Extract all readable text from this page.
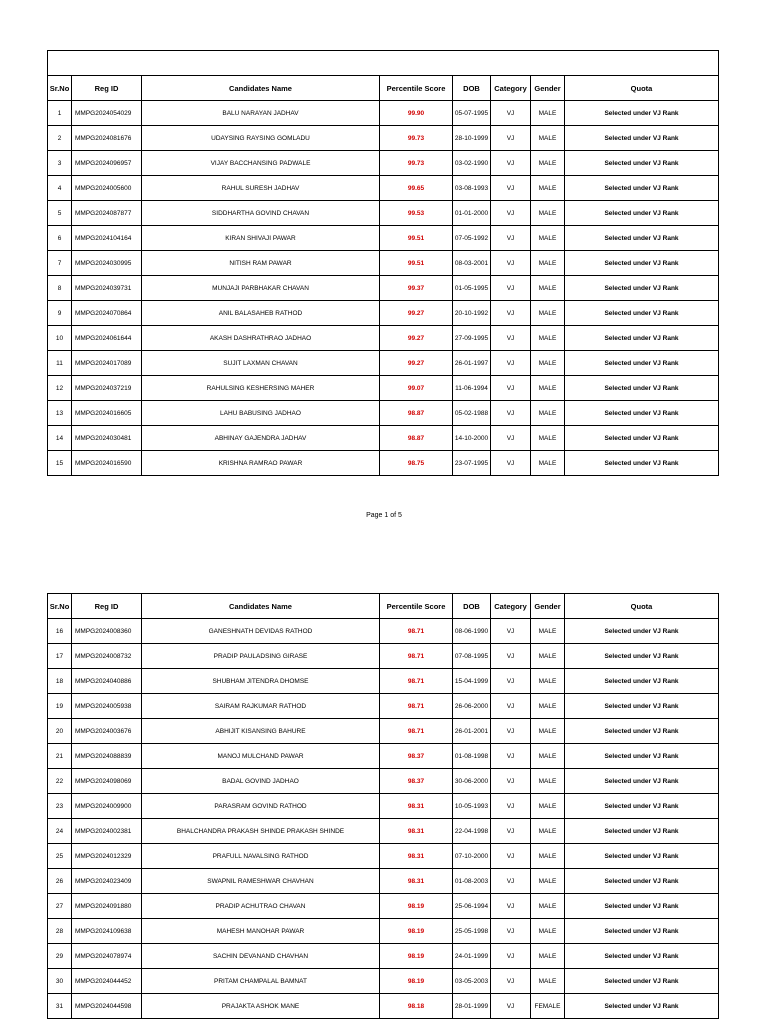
Sr.No	Reg ID	Candidates Name	Percentile Score	DOB	Category	Gender	Quota
1	MMPG2024054029	BALU NARAYAN JADHAV	99.90	05-07-1995	VJ	MALE	Selected under VJ Rank
2	MMPG2024081676	UDAYSING RAYSING GOMLADU	99.73	28-10-1999	VJ	MALE	Selected under VJ Rank
3	MMPG2024096957	VIJAY BACCHANSING PADWALE	99.73	03-02-1990	VJ	MALE	Selected under VJ Rank
4	MMPG2024005600	RAHUL SURESH JADHAV	99.65	03-08-1993	VJ	MALE	Selected under VJ Rank
5	MMPG2024087877	SIDDHARTHA GOVIND CHAVAN	99.53	01-01-2000	VJ	MALE	Selected under VJ Rank
6	MMPG2024104164	KIRAN SHIVAJI PAWAR	99.51	07-05-1992	VJ	MALE	Selected under VJ Rank
7	MMPG2024030995	NITISH RAM PAWAR	99.51	08-03-2001	VJ	MALE	Selected under VJ Rank
8	MMPG2024039731	MUNJAJI PARBHAKAR CHAVAN	99.37	01-05-1995	VJ	MALE	Selected under VJ Rank
9	MMPG2024070864	ANIL BALASAHEB RATHOD	99.27	20-10-1992	VJ	MALE	Selected under VJ Rank
10	MMPG2024061644	AKASH DASHRATHRAO JADHAO	99.27	27-09-1995	VJ	MALE	Selected under VJ Rank
11	MMPG2024017089	SUJIT LAXMAN CHAVAN	99.27	26-01-1997	VJ	MALE	Selected under VJ Rank
12	MMPG2024037219	RAHULSING KESHERSING MAHER	99.07	11-06-1994	VJ	MALE	Selected under VJ Rank
13	MMPG2024016605	LAHU BABUSING JADHAO	98.87	05-02-1988	VJ	MALE	Selected under VJ Rank
14	MMPG2024030481	ABHINAY GAJENDRA JADHAV	98.87	14-10-2000	VJ	MALE	Selected under VJ Rank
15	MMPG2024016590	KRISHNA RAMRAO PAWAR	98.75	23-07-1995	VJ	MALE	Selected under VJ Rank
Page 1 of 5
Sr.No	Reg ID	Candidates Name	Percentile Score	DOB	Category	Gender	Quota
16	MMPG2024008360	GANESHNATH DEVIDAS RATHOD	98.71	08-06-1990	VJ	MALE	Selected under VJ Rank
17	MMPG2024008732	PRADIP PAULADSING GIRASE	98.71	07-08-1995	VJ	MALE	Selected under VJ Rank
18	MMPG2024040886	SHUBHAM JITENDRA DHOMSE	98.71	15-04-1999	VJ	MALE	Selected under VJ Rank
19	MMPG2024005938	SAIRAM RAJKUMAR RATHOD	98.71	26-06-2000	VJ	MALE	Selected under VJ Rank
20	MMPG2024003676	ABHIJIT KISANSING BAHURE	98.71	26-01-2001	VJ	MALE	Selected under VJ Rank
21	MMPG2024088839	MANOJ MULCHAND PAWAR	98.37	01-08-1998	VJ	MALE	Selected under VJ Rank
22	MMPG2024098069	BADAL GOVIND JADHAO	98.37	30-06-2000	VJ	MALE	Selected under VJ Rank
23	MMPG2024009900	PARASRAM GOVIND RATHOD	98.31	10-05-1993	VJ	MALE	Selected under VJ Rank
24	MMPG2024002381	BHALCHANDRA PRAKASH SHINDE PRAKASH SHINDE	98.31	22-04-1998	VJ	MALE	Selected under VJ Rank
25	MMPG2024012329	PRAFULL NAVALSING RATHOD	98.31	07-10-2000	VJ	MALE	Selected under VJ Rank
26	MMPG2024023409	SWAPNIL RAMESHWAR CHAVHAN	98.31	01-08-2003	VJ	MALE	Selected under VJ Rank
27	MMPG2024091880	PRADIP ACHUTRAO CHAVAN	98.19	25-06-1994	VJ	MALE	Selected under VJ Rank
28	MMPG2024109638	MAHESH MANOHAR PAWAR	98.19	25-05-1998	VJ	MALE	Selected under VJ Rank
29	MMPG2024078974	SACHIN DEVANAND CHAVHAN	98.19	24-01-1999	VJ	MALE	Selected under VJ Rank
30	MMPG2024044452	PRITAM CHAMPALAL BAMNAT	98.19	03-05-2003	VJ	MALE	Selected under VJ Rank
31	MMPG2024044598	PRAJAKTA ASHOK MANE	98.18	28-01-1999	VJ	FEMALE	Selected under VJ Rank
